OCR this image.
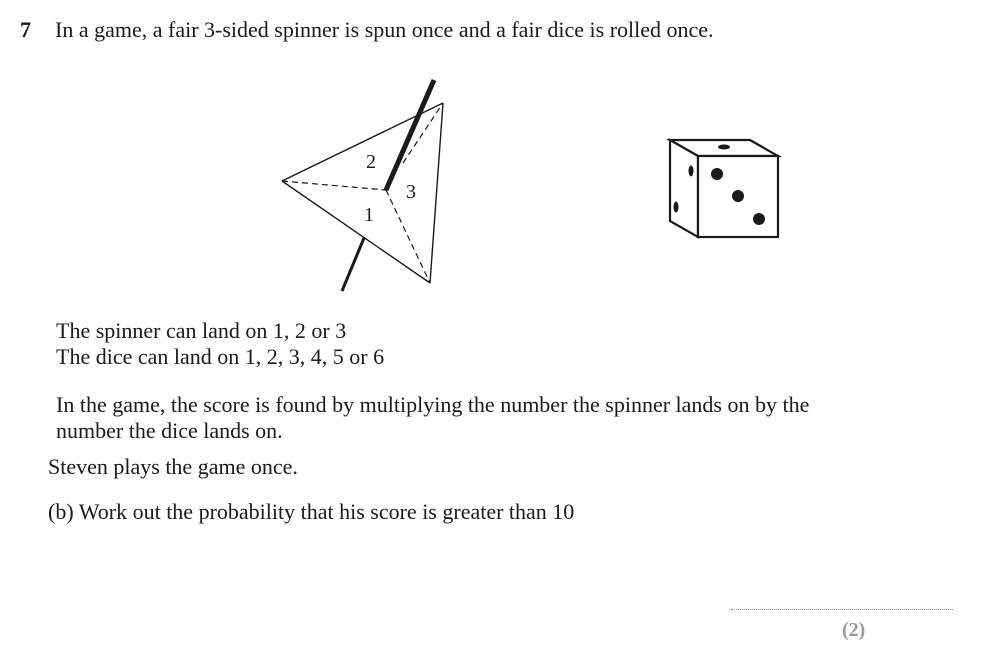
7 In a game, a fair 3-sided spinner is spun once and a fair dice is rolled once.
2
3
1
The spinner can land on 1, 2 or 3
The dice can land on 1, 2, 3, 4, 5 or 6
In the game, the score is found by multiplying the number the spinner lands on by the
number the dice lands on.
Steven plays the game once.
(b) Work out the probability that his score is greater than 10
(2)
